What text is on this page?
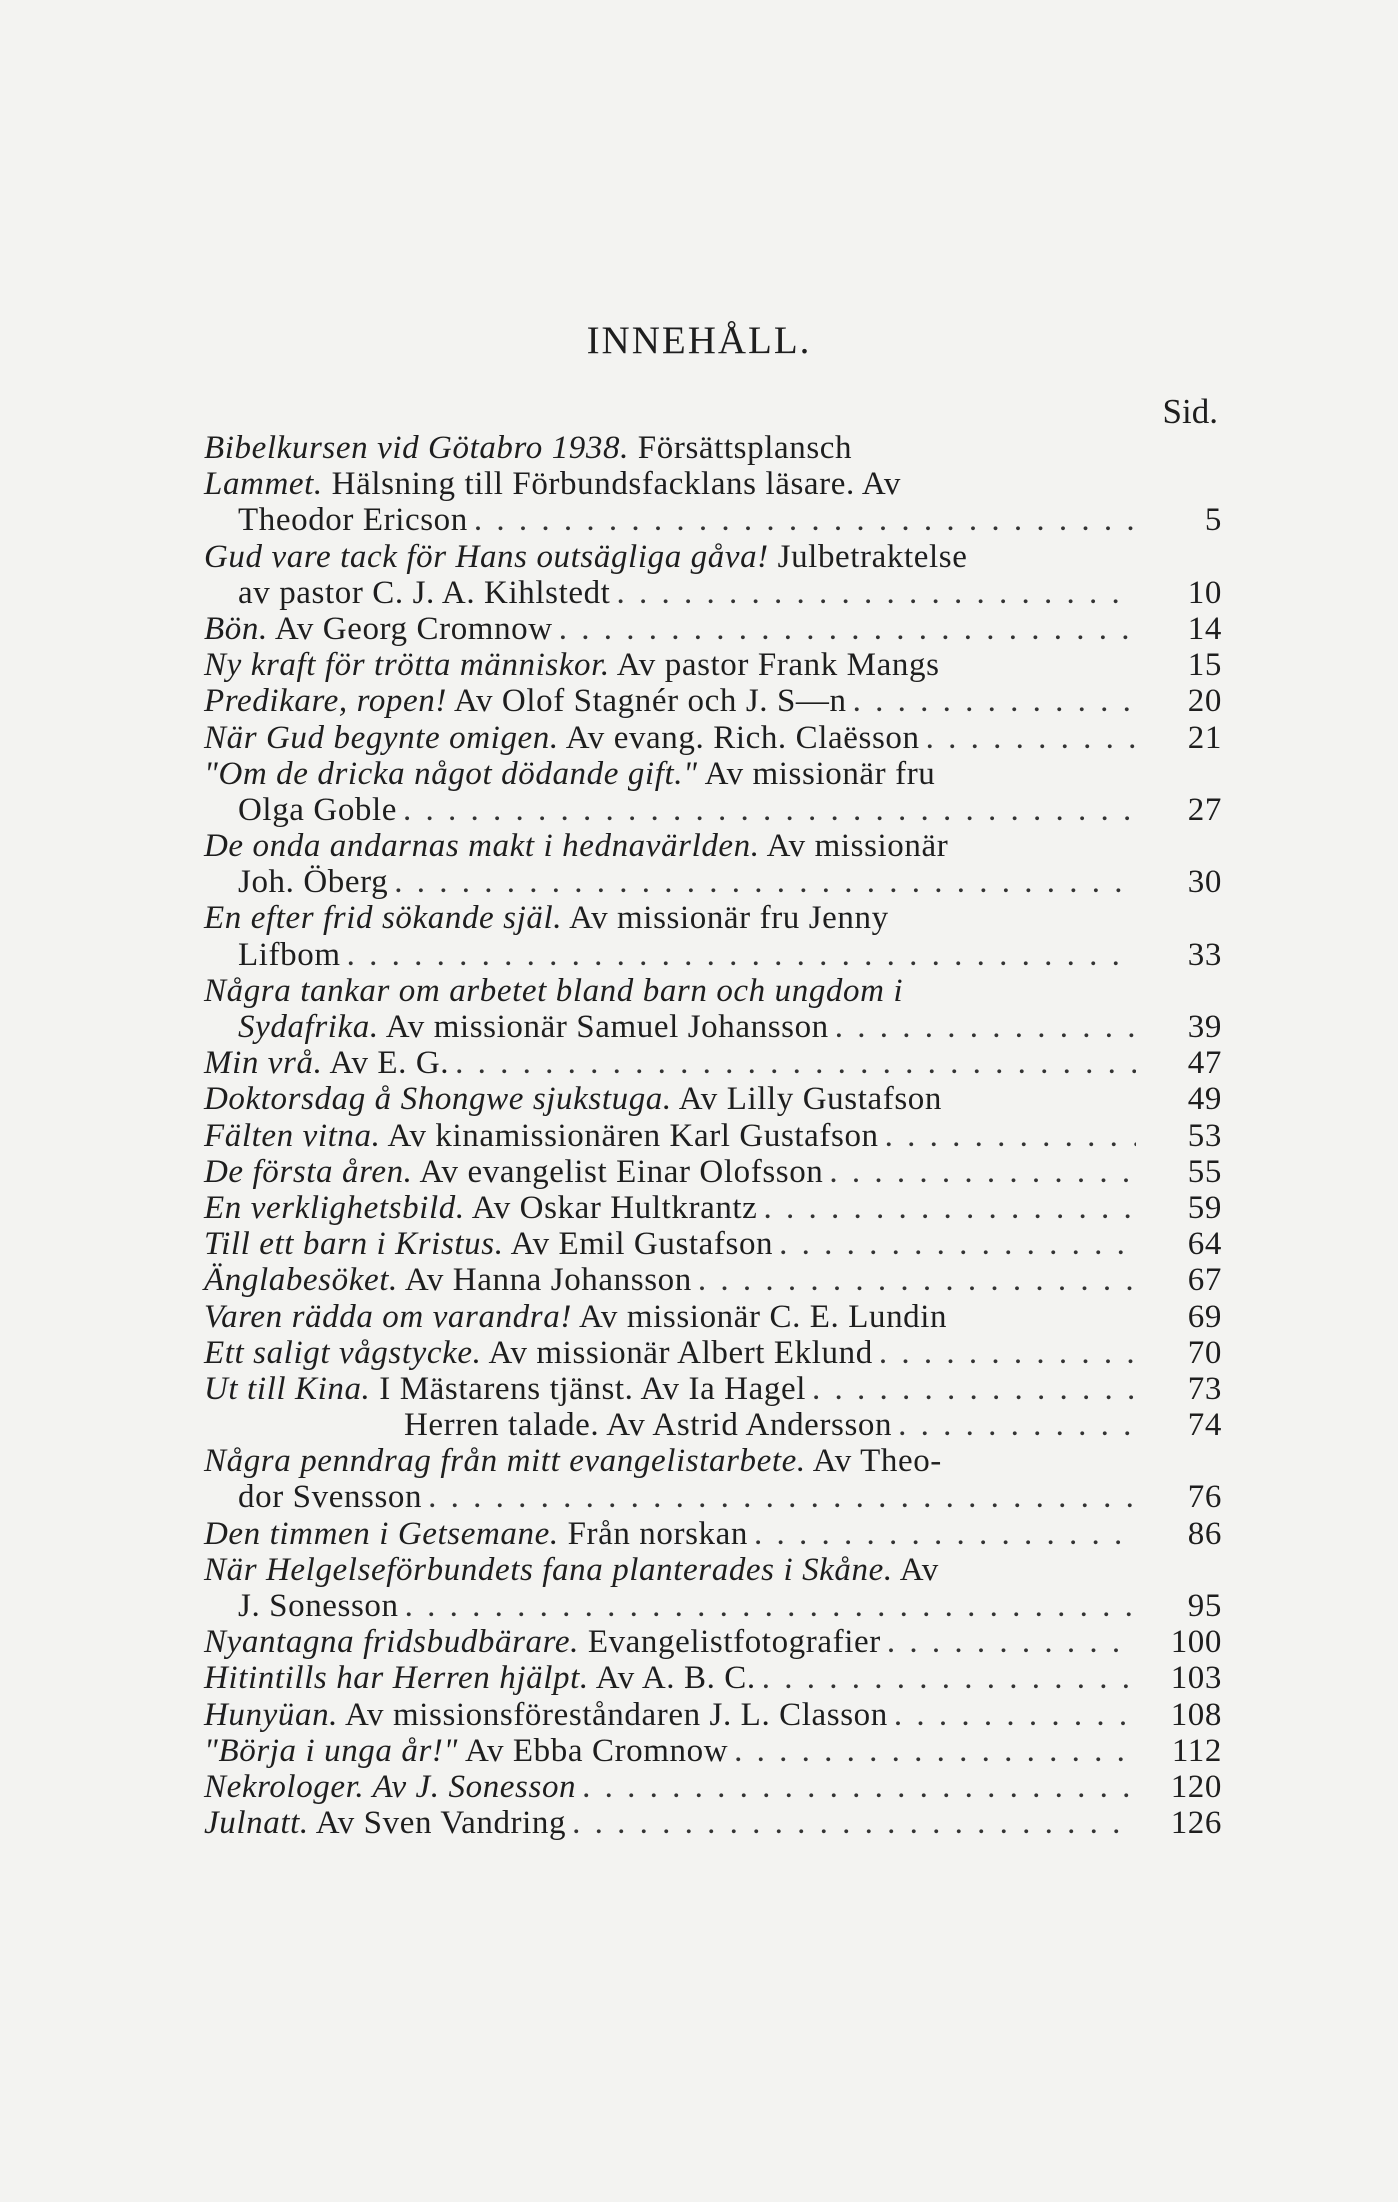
INNEHÅLL.
Sid.
Bibelkursen vid Götabro 1938. Försättsplansch
Lammet. Hälsning till Förbundsfacklans läsare. Av
Theodor Ericson . . .	5
Gud vare tack för Hans outsägliga gåva! Julbetraktelse
av pastor C. J. A. Kihlstedt . . .	10
Bön. Av Georg Cromnow . . .	14
Ny kraft för trötta människor. Av pastor Frank Mangs	15
Predikare, ropen! Av Olof Stagnér och J. S—n . . .	20
När Gud begynte omigen. Av evang. Rich. Claësson . . .	21
"Om de dricka något dödande gift." Av missionär fru
Olga Goble . . .	27
De onda andarnas makt i hednavärlden. Av missionär
Joh. Öberg . . .	30
En efter frid sökande själ. Av missionär fru Jenny
Lifbom . . .	33
Några tankar om arbetet bland barn och ungdom i
Sydafrika. Av missionär Samuel Johansson . . .	39
Min vrå. Av E. G. . . .	47
Doktorsdag å Shongwe sjukstuga. Av Lilly Gustafson	49
Fälten vitna. Av kinamissionären Karl Gustafson . . .	53
De första åren. Av evangelist Einar Olofsson . . .	55
En verklighetsbild. Av Oskar Hultkrantz . . .	59
Till ett barn i Kristus. Av Emil Gustafson . . .	64
Änglabesöket. Av Hanna Johansson . . .	67
Varen rädda om varandra! Av missionär C. E. Lundin	69
Ett saligt vågstycke. Av missionär Albert Eklund . . .	70
Ut till Kina. I Mästarens tjänst. Av Ia Hagel . . .	73
Herren talade. Av Astrid Andersson . . .	74
Några penndrag från mitt evangelistarbete. Av Theo-
dor Svensson . . .	76
Den timmen i Getsemane. Från norskan . . .	86
När Helgelseförbundets fana planterades i Skåne. Av
J. Sonesson . . .	95
Nyantagna fridsbudbärare. Evangelistfotografier . . .	100
Hitintills har Herren hjälpt. Av A. B. C. . . .	103
Hunyüan. Av missionsföreståndaren J. L. Classon . . .	108
"Börja i unga år!" Av Ebba Cromnow . . .	112
Nekrologer. Av J. Sonesson . . .	120
Julnatt. Av Sven Vandring . . .	126
